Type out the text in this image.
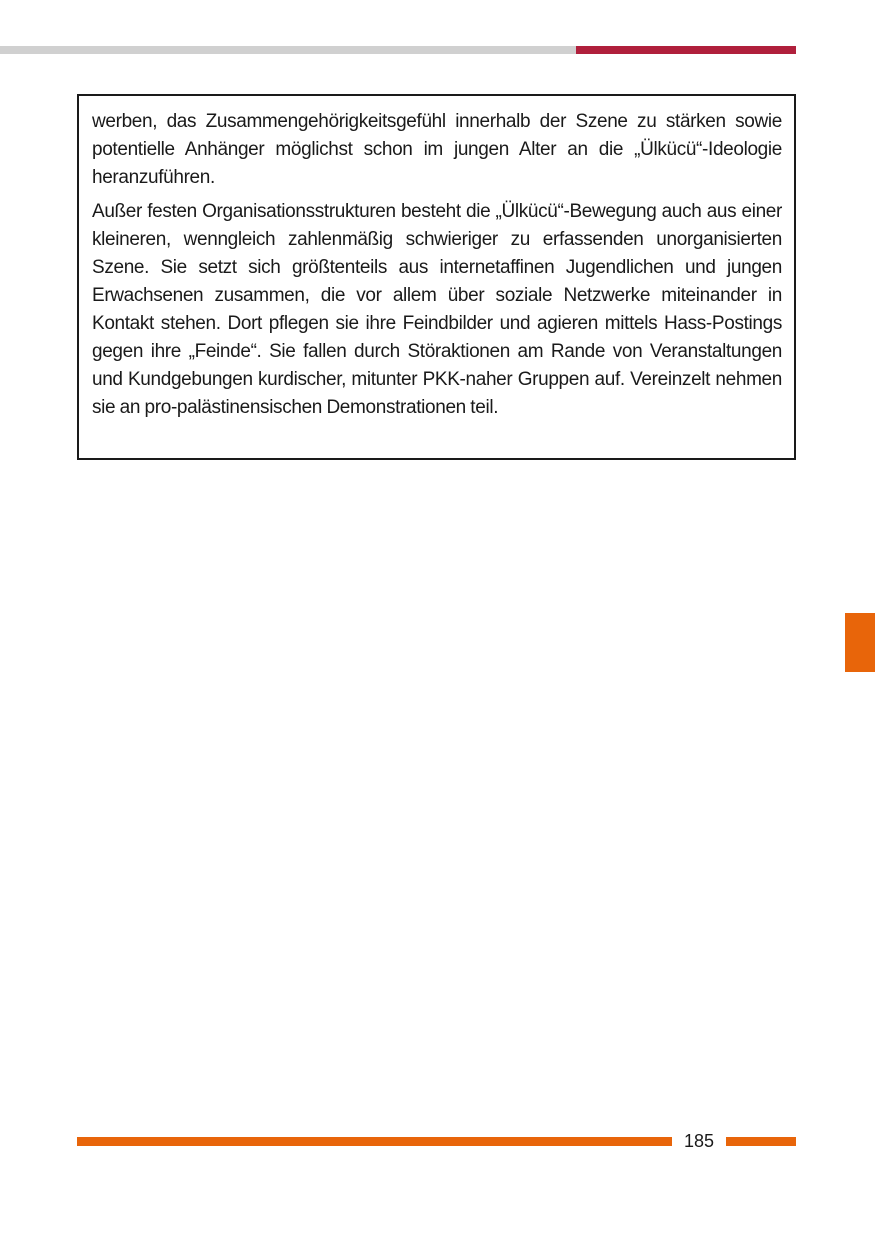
werben, das Zusammengehörigkeitsgefühl innerhalb der Szene zu stärken sowie potentielle Anhänger möglichst schon im jungen Alter an die „Ülkücü“-Ideologie heranzuführen.

Außer festen Organisationsstrukturen besteht die „Ülkücü“-Bewegung auch aus einer kleineren, wenngleich zahlenmäßig schwieriger zu erfassenden unorganisierten Szene. Sie setzt sich größtenteils aus internetaffinen Jugendlichen und jungen Erwachsenen zusammen, die vor allem über soziale Netzwerke miteinander in Kontakt stehen. Dort pflegen sie ihre Feindbilder und agieren mittels Hass-Postings gegen ihre „Feinde“. Sie fallen durch Störaktionen am Rande von Veranstaltungen und Kundgebungen kurdischer, mitunter PKK-naher Gruppen auf. Vereinzelt nehmen sie an pro-palästinensischen Demonstrationen teil.

185
